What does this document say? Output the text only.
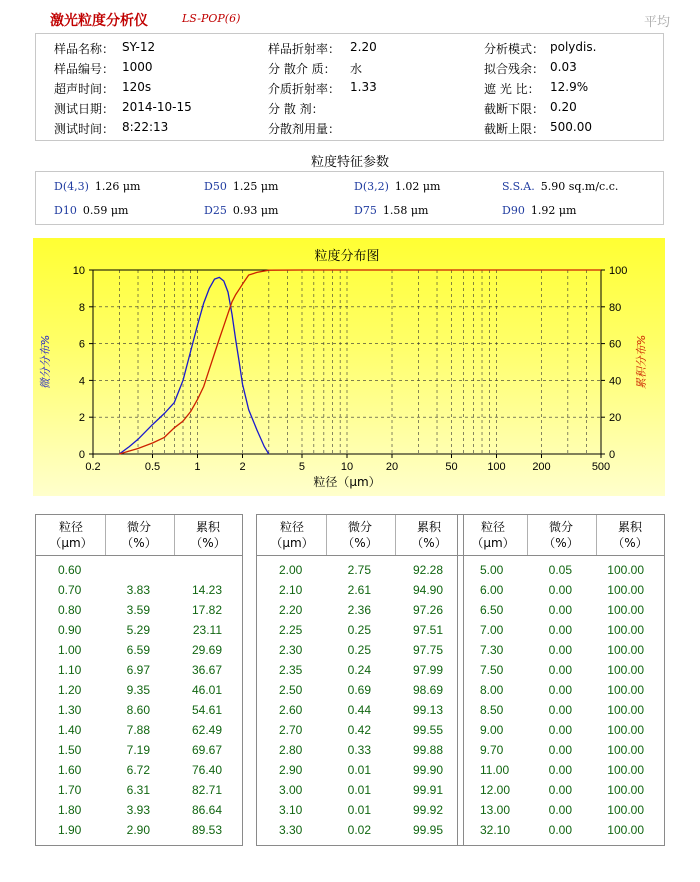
激光粒度分析仪	LS-POP(6)	平均
样品名称： SY-12
样品编号： 1000
超声时间： 120s
测试日期： 2014-10-15
测试时间： 8:22:13
样品折射率： 2.20
分 散介 质： 水
介质折射率： 1.33
分 散 剂：
分散剂用量：
分析模式： polydis.
拟合残余： 0.03
遮 光 比： 12.9%
截断下限： 0.20
截断上限： 500.00
粒度特征参数
D(4,3) 1.26 μm	D50 1.25 μm	D(3,2) 1.02 μm	S.S.A. 5.90 sq.m/c.c.
D10 0.59 μm	D25 0.93 μm	D75 1.58 μm	D90 1.92 μm
粒度分布图
0.2	0.5	1	2	5	10	20	50	100 200	500
0
2
4
6
8
10
0
20
40
60
80
100
粒径（μm）
微分分布%	累积分布%
粒径
（μm）
微分
（%）
累积
（%）
0.60
0.70	3.83	14.23
0.80	3.59	17.82
0.90	5.29	23.11
1.00	6.59	29.69
1.10	6.97	36.67
1.20	9.35	46.01
1.30	8.60	54.61
1.40	7.88	62.49
1.50	7.19	69.67
1.60	6.72	76.40
1.70	6.31	82.71
1.80	3.93	86.64
1.90	2.90	89.53
粒径
（μm）
微分
（%）
累积
（%）
2.00	2.75	92.28
2.10	2.61	94.90
2.20	2.36	97.26
2.25	0.25	97.51
2.30	0.25	97.75
2.35	0.24	97.99
2.50	0.69	98.69
2.60	0.44	99.13
2.70	0.42	99.55
2.80	0.33	99.88
2.90	0.01	99.90
3.00	0.01	99.91
3.10	0.01	99.92
3.30	0.02	99.95
粒径
（μm）
微分
（%）
累积
（%）
5.00	0.05	100.00
6.00	0.00	100.00
6.50	0.00	100.00
7.00	0.00	100.00
7.30	0.00	100.00
7.50	0.00	100.00
8.00	0.00	100.00
8.50	0.00	100.00
9.00	0.00	100.00
9.70	0.00	100.00
11.00	0.00	100.00
12.00	0.00	100.00
13.00	0.00	100.00
32.10	0.00	100.00
